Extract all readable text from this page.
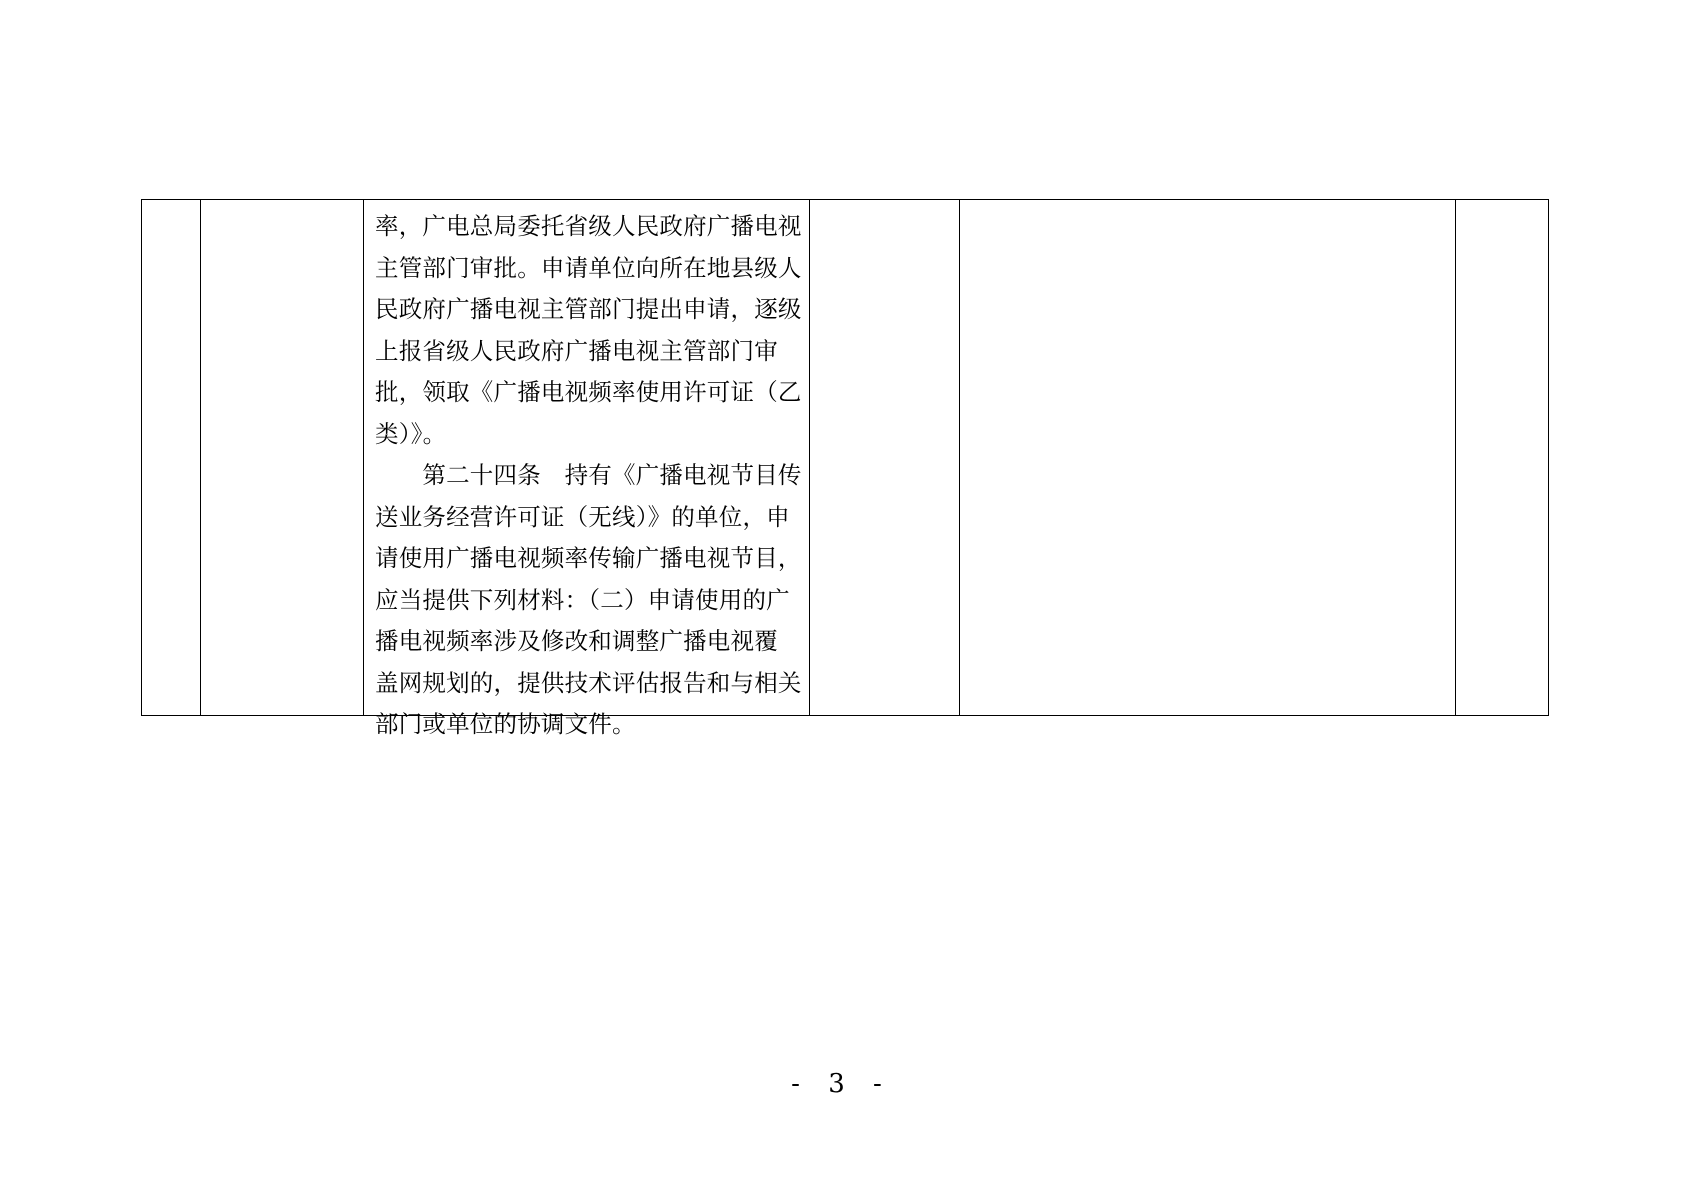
率，广电总局委托省级人民政府广播电视

主管部门审批。申请单位向所在地县级人

民政府广播电视主管部门提出申请，逐级

上报省级人民政府广播电视主管部门审

批，领取《广播电视频率使用许可证（乙

类）》。

　　第二十四条　持有《广播电视节目传

送业务经营许可证（无线）》的单位，申

请使用广播电视频率传输广播电视节目，

应当提供下列材料：（二）申请使用的广

播电视频率涉及修改和调整广播电视覆

盖网规划的，提供技术评估报告和与相关

部门或单位的协调文件。

- 3 -
